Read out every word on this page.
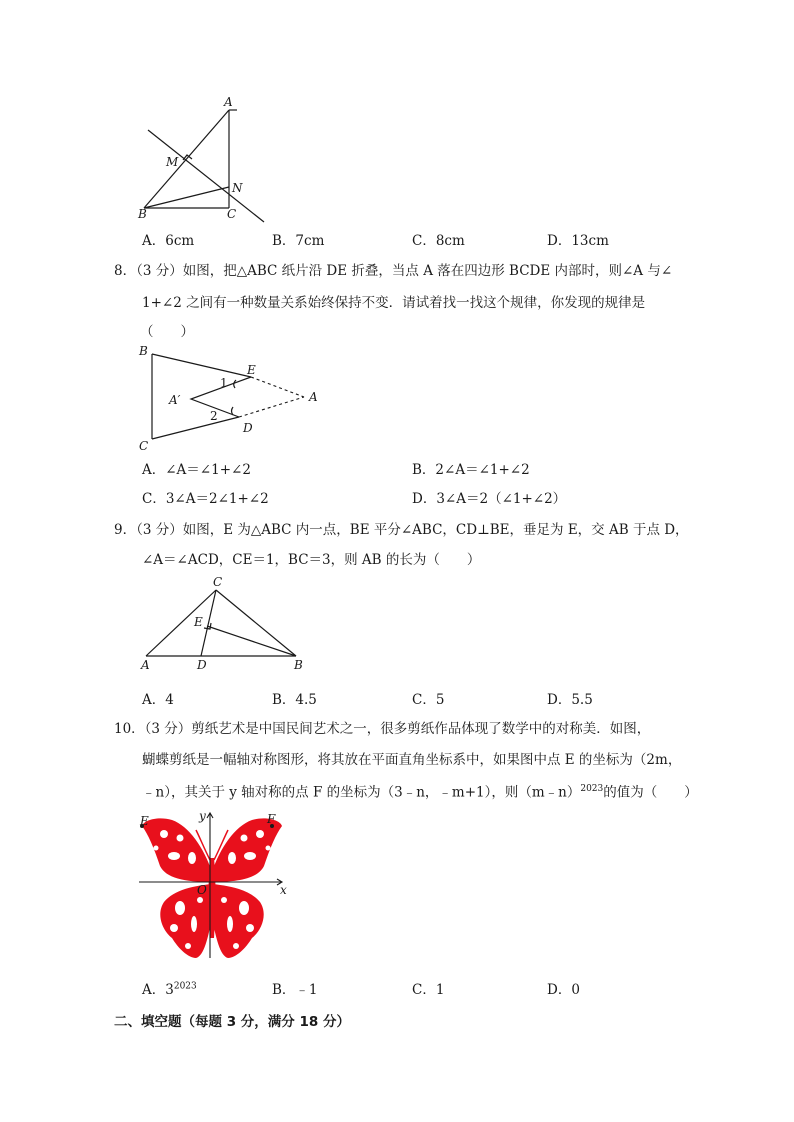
A
M
N
B	C
A．6cm	B．7cm	C．8cm	D．13cm
8．（3 分）如图，把△ABC 纸片沿 DE 折叠，当点 A 落在四边形 BCDE 内部时，则∠A 与∠
1+∠2 之间有一种数量关系始终保持不变．请试着找一找这个规律，你发现的规律是
（　　）
B
E
1
A′	A
2
D
C
A．∠A＝∠1+∠2	B．2∠A＝∠1+∠2
C．3∠A＝2∠1+∠2	D．3∠A＝2（∠1+∠2）
9．（3 分）如图，E 为△ABC 内一点，BE 平分∠ABC，CD⊥BE，垂足为 E，交 AB 于点 D，
∠A＝∠ACD，CE＝1，BC＝3，则 AB 的长为（　　）
C
E
A	D	B
A．4	B．4.5	C．5	D．5.5
10．（3 分）剪纸艺术是中国民间艺术之一，很多剪纸作品体现了数学中的对称美．如图，
蝴蝶剪纸是一幅轴对称图形，将其放在平面直角坐标系中，如果图中点 E 的坐标为（2m，
﹣n），其关于 y 轴对称的点 F 的坐标为（3﹣n，﹣m+1），则（m﹣n）$^{2023}$的值为（　　）
E	F
y
x
O
A．$3^{2023}$	B．﹣1	C．1	D．0
二、填空题（每题 3 分，满分 18 分）
